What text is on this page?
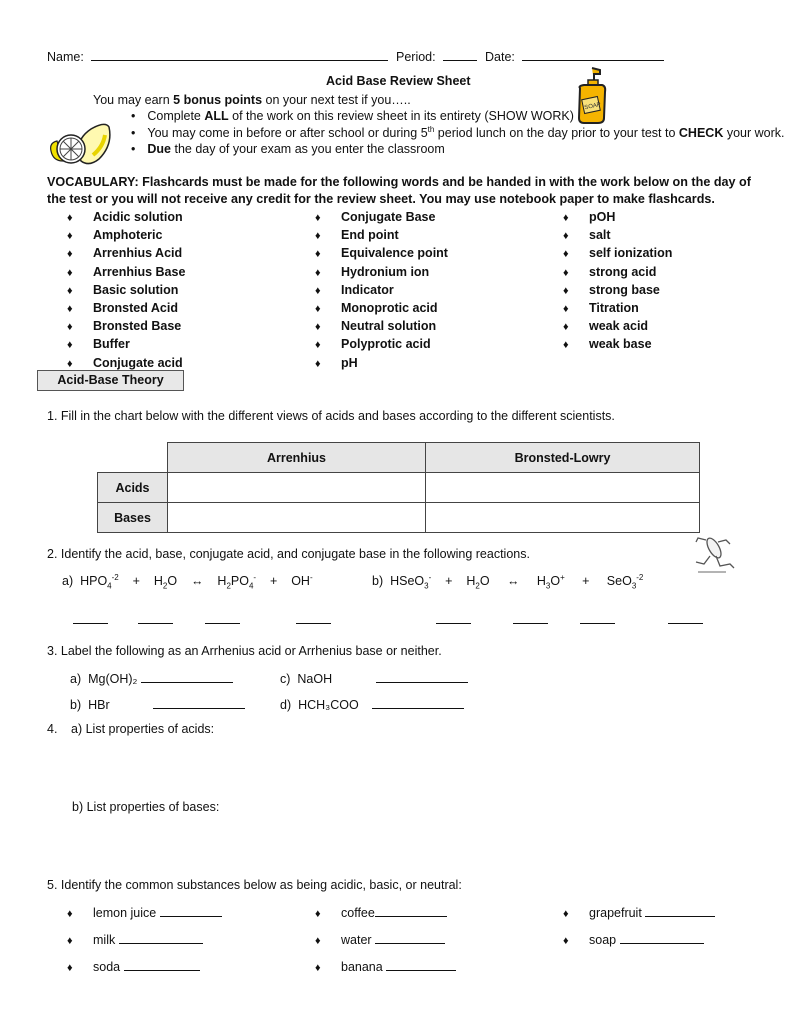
Name:	Period:	Date:
Acid Base Review Sheet
SOAP
You may earn 5 bonus points on your next test if you…..
• Complete ALL of the work on this review sheet in its entirety (SHOW WORK)
• You may come in before or after school or during 5th period lunch on the day prior to your test to CHECK your work.
• Due the day of your exam as you enter the classroom
VOCABULARY: Flashcards must be made for the following words and be handed in with the work below on the day of
the test or you will not receive any credit for the review sheet. You may use notebook paper to make flashcards.
♦ Acidic solution
♦ Amphoteric
♦ Arrenhius Acid
♦ Arrenhius Base
♦ Basic solution
♦ Bronsted Acid
♦ Bronsted Base
♦ Buffer
♦ Conjugate acid
♦ Conjugate Base
♦ End point
♦ Equivalence point
♦ Hydronium ion
♦ Indicator
♦ Monoprotic acid
♦ Neutral solution
♦ Polyprotic acid
♦ pH
♦ pOH
♦ salt
♦ self ionization
♦ strong acid
♦ strong base
♦ Titration
♦ weak acid
♦ weak base
Acid-Base Theory
1. Fill in the chart below with the different views of acids and bases according to the different scientists.
	Arrenhius	Bronsted-Lowry
Acids		
Bases		
2. Identify the acid, base, conjugate acid, and conjugate base in the following reactions.
a) $HPO_4^{-2} + H_2O$ ↔ $H_2PO_4^- + OH^-$	b) HSeO$_3$- + $H_2O$ ↔ $H_3O^+ + SeO_3^{-2}$
3. Label the following as an Arrhenius acid or Arrhenius base or neither.
a) Mg(OH)₂
b) HBr
c) NaOH
d) HCH₃COO
4. a) List properties of acids:
b) List properties of bases:
5. Identify the common substances below as being acidic, basic, or neutral:
♦ lemon juice
♦ milk
♦ soda
♦ coffee
♦ water
♦ banana
♦ grapefruit
♦ soap
